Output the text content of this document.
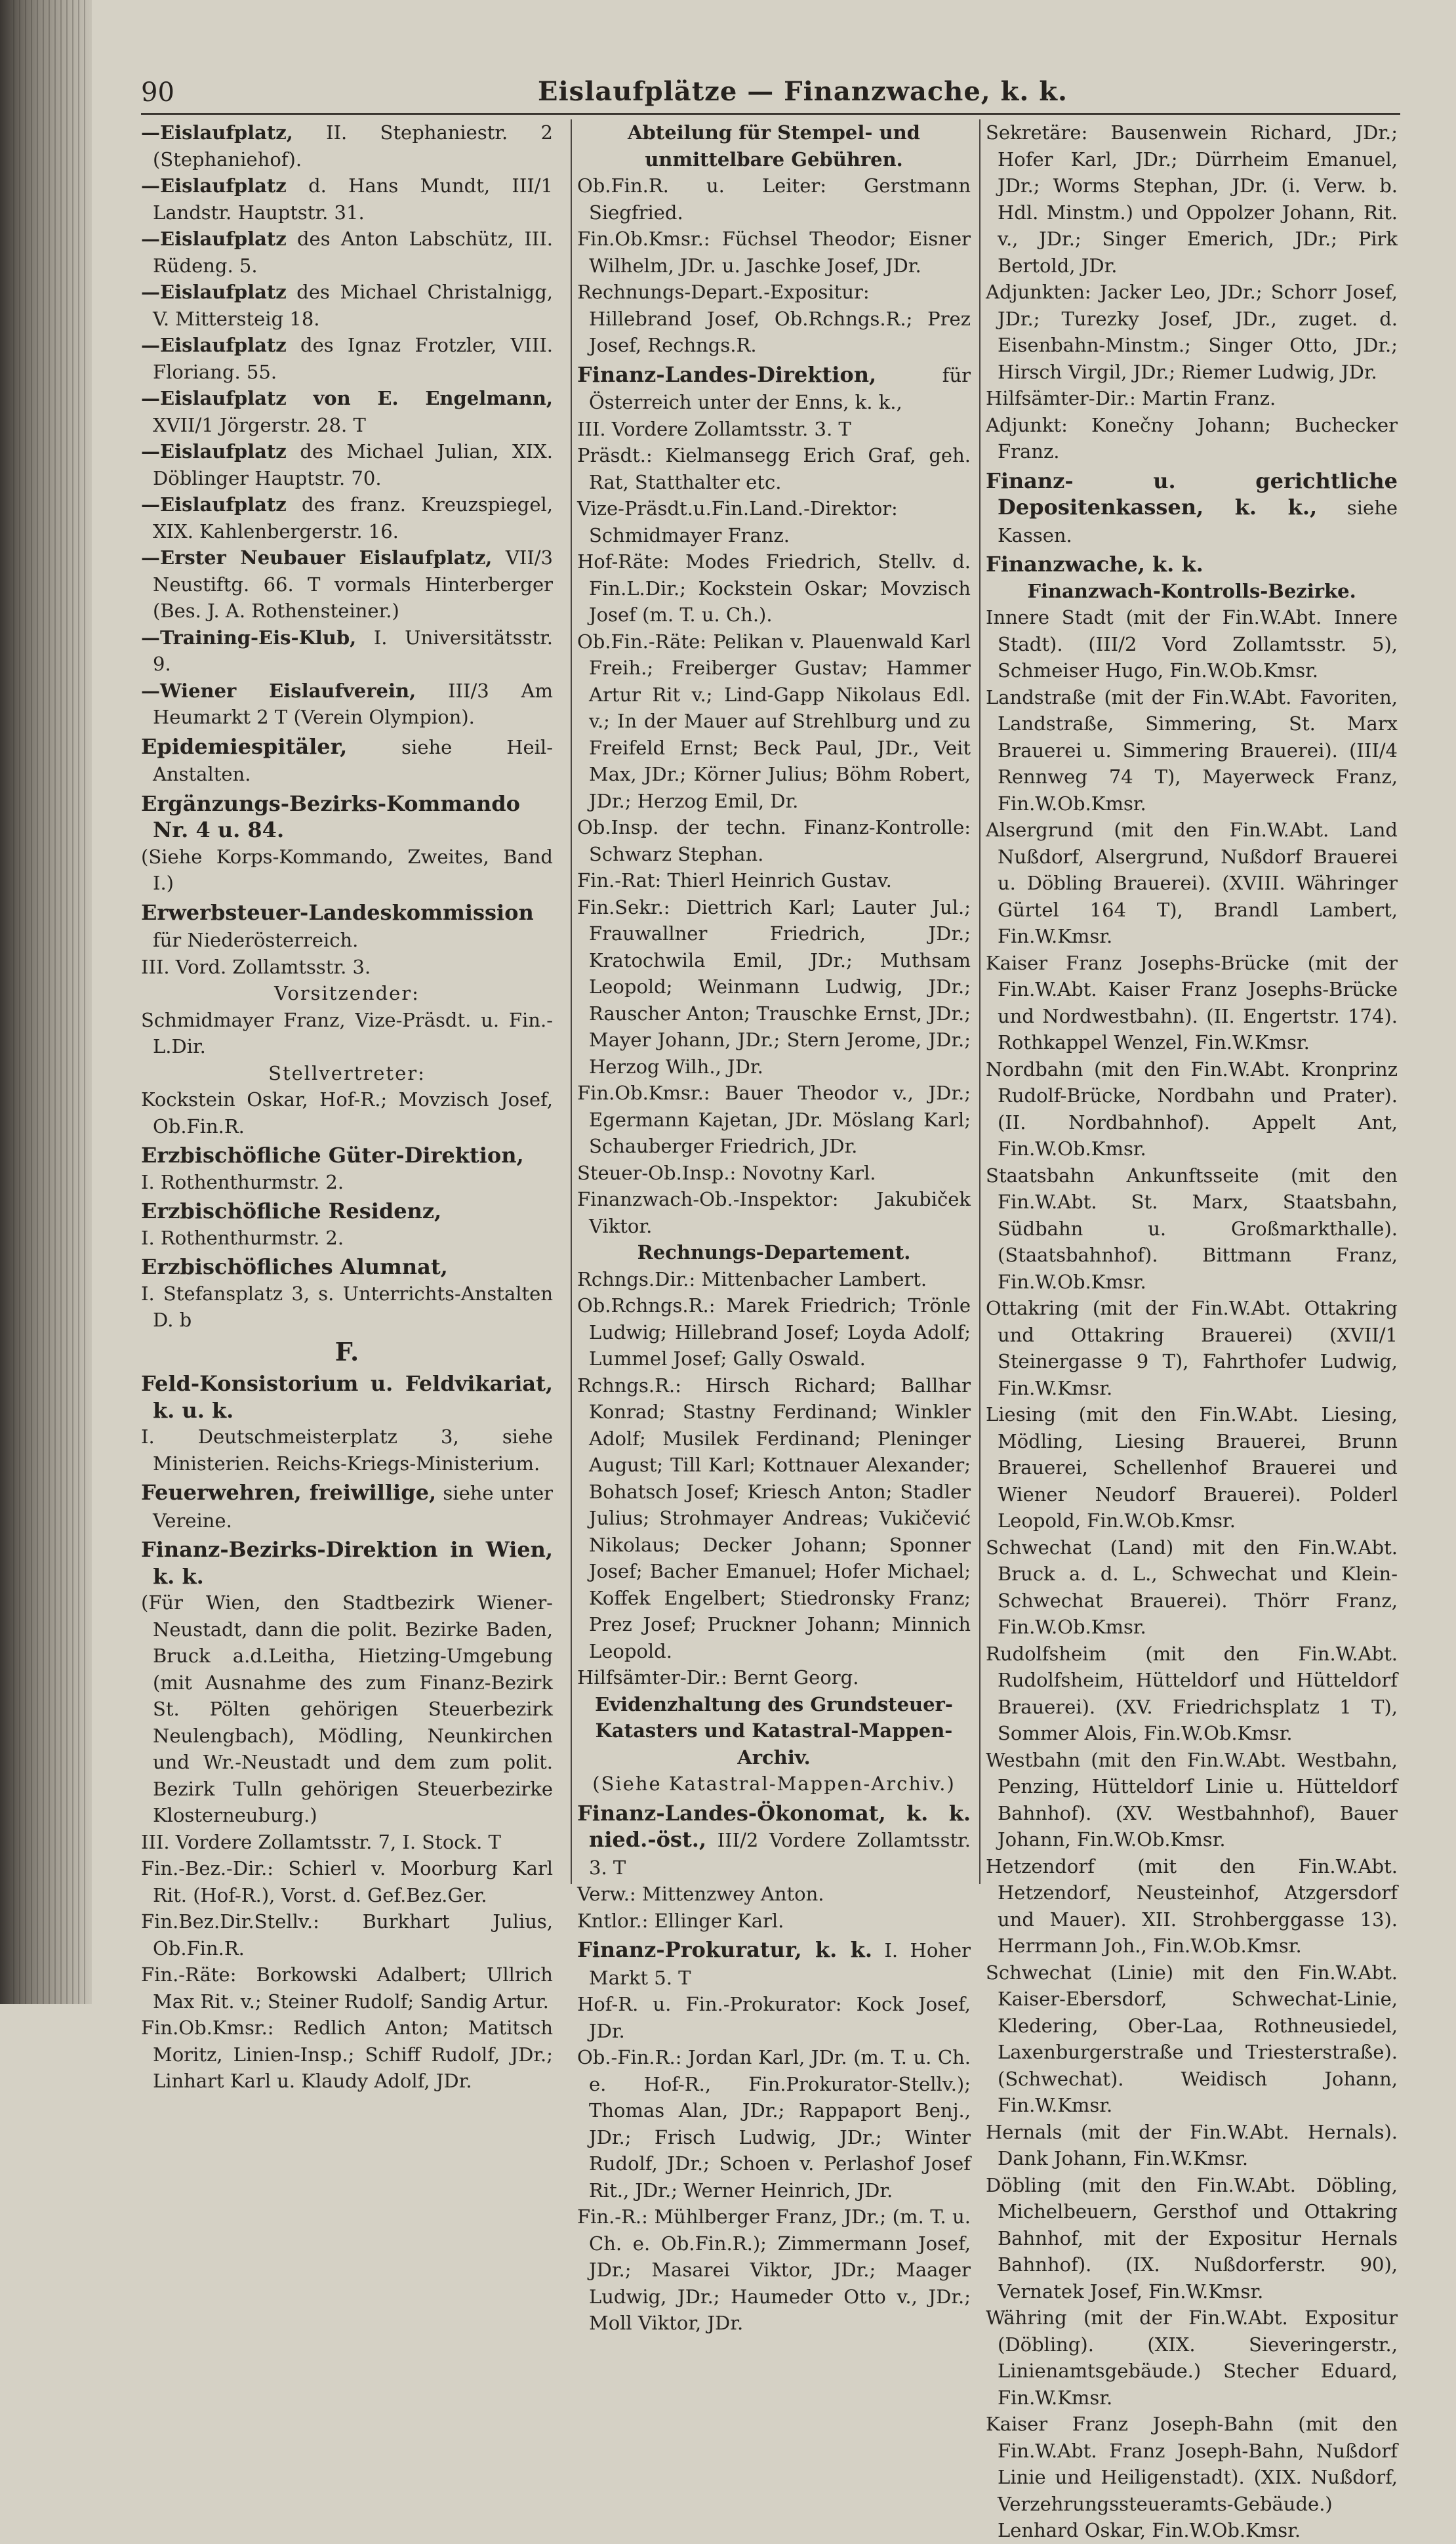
90	Eislaufplätze — Finanzwache, k. k.

—Eislaufplatz, II. Stephaniestr. 2 (Stephaniehof).

—Eislaufplatz d. Hans Mundt, III/1 Landstr. Hauptstr. 31.

—Eislaufplatz des Anton Labschütz, III. Rüdeng. 5.

—Eislaufplatz des Michael Christalnigg, V. Mittersteig 18.

—Eislaufplatz des Ignaz Frotzler, VIII. Floriang. 55.

—Eislaufplatz von E. Engelmann, XVII/1 Jörgerstr. 28. T

—Eislaufplatz des Michael Julian, XIX. Döblinger Hauptstr. 70.

—Eislaufplatz des franz. Kreuzspiegel, XIX. Kahlenbergerstr. 16.

—Erster Neubauer Eislaufplatz, VII/3 Neustiftg. 66. T vormals Hinterberger (Bes. J. A. Rothensteiner.)

—Training-Eis-Klub, I. Universitätsstr. 9.

—Wiener Eislaufverein, III/3 Am Heumarkt 2 T (Verein Olympion).

Epidemiespitäler, siehe Heil-Anstalten.

Ergänzungs-Bezirks-Kommando Nr. 4 u. 84.

(Siehe Korps-Kommando, Zweites, Band I.)

Erwerbsteuer-Landeskommission für Niederösterreich.

III. Vord. Zollamtsstr. 3.

Vorsitzender:

Schmidmayer Franz, Vize-Präsdt. u. Fin.-L.Dir.

Stellvertreter:

Kockstein Oskar, Hof-R.; Movzisch Josef, Ob.Fin.R.

Erzbischöfliche Güter-Direktion,

I. Rothenthurmstr. 2.

Erzbischöfliche Residenz,

I. Rothenthurmstr. 2.

Erzbischöfliches Alumnat,

I. Stefansplatz 3, s. Unterrichts-Anstalten D. b

F.

Feld-Konsistorium u. Feldvikariat, k. u. k.

I. Deutschmeisterplatz 3, siehe Ministerien. Reichs-Kriegs-Ministerium.

Feuerwehren, freiwillige, siehe unter Vereine.

Finanz-Bezirks-Direktion in Wien, k. k.

(Für Wien, den Stadtbezirk Wiener-Neustadt, dann die polit. Bezirke Baden, Bruck a.d.Leitha, Hietzing-Umgebung (mit Ausnahme des zum Finanz-Bezirk St. Pölten gehörigen Steuerbezirk Neulengbach), Mödling, Neunkirchen und Wr.-Neustadt und dem zum polit. Bezirk Tulln gehörigen Steuerbezirke Klosterneuburg.)

III. Vordere Zollamtsstr. 7, I. Stock. T

Fin.-Bez.-Dir.: Schierl v. Moorburg Karl Rit. (Hof-R.), Vorst. d. Gef.Bez.Ger.

Fin.Bez.Dir.Stellv.: Burkhart Julius, Ob.Fin.R.

Fin.-Räte: Borkowski Adalbert; Ullrich Max Rit. v.; Steiner Rudolf; Sandig Artur.

Fin.Ob.Kmsr.: Redlich Anton; Matitsch Moritz, Linien-Insp.; Schiff Rudolf, JDr.; Linhart Karl u. Klaudy Adolf, JDr.

Abteilung für Stempel- und unmittelbare Gebühren.

Ob.Fin.R. u. Leiter: Gerstmann Siegfried.

Fin.Ob.Kmsr.: Füchsel Theodor; Eisner Wilhelm, JDr. u. Jaschke Josef, JDr.

Rechnungs-Depart.-Expositur: Hillebrand Josef, Ob.Rchngs.R.; Prez Josef, Rechngs.R.

Finanz-Landes-Direktion, für Österreich unter der Enns, k. k.,

III. Vordere Zollamtsstr. 3. T

Präsdt.: Kielmansegg Erich Graf, geh. Rat, Statthalter etc.

Vize-Präsdt.u.Fin.Land.-Direktor: Schmidmayer Franz.

Hof-Räte: Modes Friedrich, Stellv. d. Fin.L.Dir.; Kockstein Oskar; Movzisch Josef (m. T. u. Ch.).

Ob.Fin.-Räte: Pelikan v. Plauenwald Karl Freih.; Freiberger Gustav; Hammer Artur Rit v.; Lind-Gapp Nikolaus Edl. v.; In der Mauer auf Strehlburg und zu Freifeld Ernst; Beck Paul, JDr., Veit Max, JDr.; Körner Julius; Böhm Robert, JDr.; Herzog Emil, Dr.

Ob.Insp. der techn. Finanz-Kontrolle: Schwarz Stephan.

Fin.-Rat: Thierl Heinrich Gustav.

Fin.Sekr.: Diettrich Karl; Lauter Jul.; Frauwallner Friedrich, JDr.; Kratochwila Emil, JDr.; Muthsam Leopold; Weinmann Ludwig, JDr.; Rauscher Anton; Trauschke Ernst, JDr.; Mayer Johann, JDr.; Stern Jerome, JDr.; Herzog Wilh., JDr.

Fin.Ob.Kmsr.: Bauer Theodor v., JDr.; Egermann Kajetan, JDr. Möslang Karl; Schauberger Friedrich, JDr.

Steuer-Ob.Insp.: Novotny Karl.

Finanzwach-Ob.-Inspektor: Jakubiček Viktor.

Rechnungs-Departement.

Rchngs.Dir.: Mittenbacher Lambert.

Ob.Rchngs.R.: Marek Friedrich; Trönle Ludwig; Hillebrand Josef; Loyda Adolf; Lummel Josef; Gally Oswald.

Rchngs.R.: Hirsch Richard; Ballhar Konrad; Stastny Ferdinand; Winkler Adolf; Musilek Ferdinand; Pleninger August; Till Karl; Kottnauer Alexander; Bohatsch Josef; Kriesch Anton; Stadler Julius; Strohmayer Andreas; Vukičević Nikolaus; Decker Johann; Sponner Josef; Bacher Emanuel; Hofer Michael; Koffek Engelbert; Stiedronsky Franz; Prez Josef; Pruckner Johann; Minnich Leopold.

Hilfsämter-Dir.: Bernt Georg.

Evidenzhaltung des Grundsteuer-Katasters und Katastral-Mappen-Archiv.

(Siehe Katastral-Mappen-Archiv.)

Finanz-Landes-Ökonomat, k. k. nied.-öst., III/2 Vordere Zollamtsstr. 3. T

Verw.: Mittenzwey Anton.

Kntlor.: Ellinger Karl.

Finanz-Prokuratur, k. k. I. Hoher Markt 5. T

Hof-R. u. Fin.-Prokurator: Kock Josef, JDr.

Ob.-Fin.R.: Jordan Karl, JDr. (m. T. u. Ch. e. Hof-R., Fin.Prokurator-Stellv.); Thomas Alan, JDr.; Rappaport Benj., JDr.; Frisch Ludwig, JDr.; Winter Rudolf, JDr.; Schoen v. Perlashof Josef Rit., JDr.; Werner Heinrich, JDr.

Fin.-R.: Mühlberger Franz, JDr.; (m. T. u. Ch. e. Ob.Fin.R.); Zimmermann Josef, JDr.; Masarei Viktor, JDr.; Maager Ludwig, JDr.; Haumeder Otto v., JDr.; Moll Viktor, JDr.

Sekretäre: Bausenwein Richard, JDr.; Hofer Karl, JDr.; Dürrheim Emanuel, JDr.; Worms Stephan, JDr. (i. Verw. b. Hdl. Minstm.) und Oppolzer Johann, Rit. v., JDr.; Singer Emerich, JDr.; Pirk Bertold, JDr.

Adjunkten: Jacker Leo, JDr.; Schorr Josef, JDr.; Turezky Josef, JDr., zuget. d. Eisenbahn-Minstm.; Singer Otto, JDr.; Hirsch Virgil, JDr.; Riemer Ludwig, JDr.

Hilfsämter-Dir.: Martin Franz.

Adjunkt: Konečny Johann; Buchecker Franz.

Finanz- u. gerichtliche Depositenkassen, k. k., siehe Kassen.

Finanzwache, k. k.

Finanzwach-Kontrolls-Bezirke.

Innere Stadt (mit der Fin.W.Abt. Innere Stadt). (III/2 Vord Zollamtsstr. 5), Schmeiser Hugo, Fin.W.Ob.Kmsr.

Landstraße (mit der Fin.W.Abt. Favoriten, Landstraße, Simmering, St. Marx Brauerei u. Simmering Brauerei). (III/4 Rennweg 74 T), Mayerweck Franz, Fin.W.Ob.Kmsr.

Alsergrund (mit den Fin.W.Abt. Land Nußdorf, Alsergrund, Nußdorf Brauerei u. Döbling Brauerei). (XVIII. Währinger Gürtel 164 T), Brandl Lambert, Fin.W.Kmsr.

Kaiser Franz Josephs-Brücke (mit der Fin.W.Abt. Kaiser Franz Josephs-Brücke und Nordwestbahn). (II. Engertstr. 174). Rothkappel Wenzel, Fin.W.Kmsr.

Nordbahn (mit den Fin.W.Abt. Kronprinz Rudolf-Brücke, Nordbahn und Prater). (II. Nordbahnhof). Appelt Ant, Fin.W.Ob.Kmsr.

Staatsbahn Ankunftsseite (mit den Fin.W.Abt. St. Marx, Staatsbahn, Südbahn u. Großmarkthalle). (Staatsbahnhof). Bittmann Franz, Fin.W.Ob.Kmsr.

Ottakring (mit der Fin.W.Abt. Ottakring und Ottakring Brauerei) (XVII/1 Steinergasse 9 T), Fahrthofer Ludwig, Fin.W.Kmsr.

Liesing (mit den Fin.W.Abt. Liesing, Mödling, Liesing Brauerei, Brunn Brauerei, Schellenhof Brauerei und Wiener Neudorf Brauerei). Polderl Leopold, Fin.W.Ob.Kmsr.

Schwechat (Land) mit den Fin.W.Abt. Bruck a. d. L., Schwechat und Klein-Schwechat Brauerei). Thörr Franz, Fin.W.Ob.Kmsr.

Rudolfsheim (mit den Fin.W.Abt. Rudolfsheim, Hütteldorf und Hütteldorf Brauerei). (XV. Friedrichsplatz 1 T), Sommer Alois, Fin.W.Ob.Kmsr.

Westbahn (mit den Fin.W.Abt. Westbahn, Penzing, Hütteldorf Linie u. Hütteldorf Bahnhof). (XV. Westbahnhof), Bauer Johann, Fin.W.Ob.Kmsr.

Hetzendorf (mit den Fin.W.Abt. Hetzendorf, Neusteinhof, Atzgersdorf und Mauer). XII. Strohberggasse 13). Herrmann Joh., Fin.W.Ob.Kmsr.

Schwechat (Linie) mit den Fin.W.Abt. Kaiser-Ebersdorf, Schwechat-Linie, Kledering, Ober-Laa, Rothneusiedel, Laxenburgerstraße und Triesterstraße). (Schwechat). Weidisch Johann, Fin.W.Kmsr.

Hernals (mit der Fin.W.Abt. Hernals). Dank Johann, Fin.W.Kmsr.

Döbling (mit den Fin.W.Abt. Döbling, Michelbeuern, Gersthof und Ottakring Bahnhof, mit der Expositur Hernals Bahnhof). (IX. Nußdorferstr. 90), Vernatek Josef, Fin.W.Kmsr.

Währing (mit der Fin.W.Abt. Expositur (Döbling). (XIX. Sieveringerstr., Linienamtsgebäude.) Stecher Eduard, Fin.W.Kmsr.

Kaiser Franz Joseph-Bahn (mit den Fin.W.Abt. Franz Joseph-Bahn, Nußdorf Linie und Heiligenstadt). (XIX. Nußdorf, Verzehrungssteueramts-Gebäude.) Lenhard Oskar, Fin.W.Ob.Kmsr.
